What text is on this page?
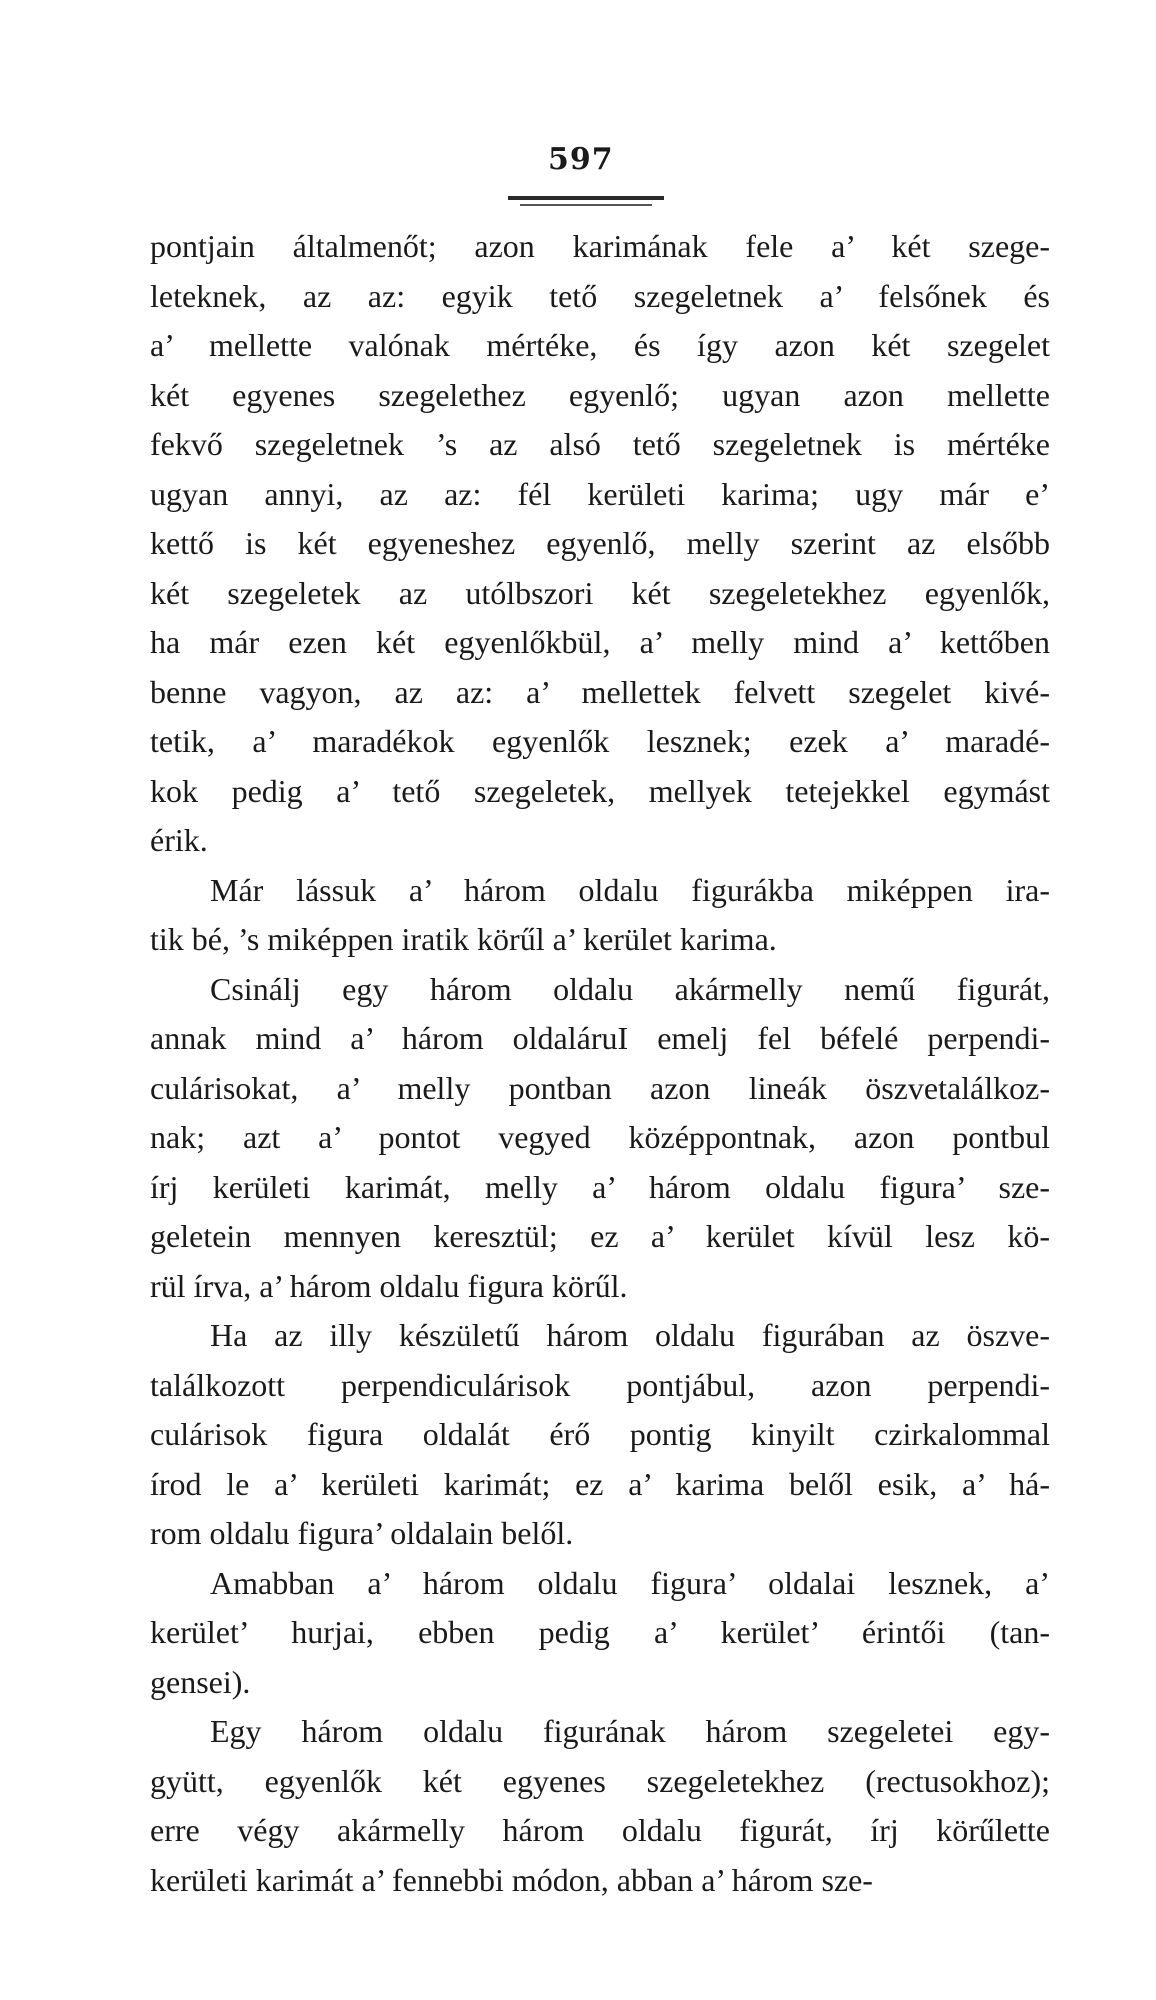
597
pontjain általmenőt; azon karimának fele a’ két szege-
leteknek, az az: egyik tető szegeletnek a’ felsőnek és
a’ mellette valónak mértéke, és így azon két szegelet
két egyenes szegelethez egyenlő; ugyan azon mellette
fekvő szegeletnek ’s az alsó tető szegeletnek is mértéke
ugyan annyi, az az: fél kerületi karima; ugy már e’
kettő is két egyeneshez egyenlő, melly szerint az elsőbb
két szegeletek az utólbszori két szegeletekhez egyenlők,
ha már ezen két egyenlőkbül, a’ melly mind a’ kettőben
benne vagyon, az az: a’ mellettek felvett szegelet kivé-
tetik, a’ maradékok egyenlők lesznek; ezek a’ maradé-
kok pedig a’ tető szegeletek, mellyek tetejekkel egymást
érik.
Már lássuk a’ három oldalu figurákba miképpen ira-
tik bé, ’s miképpen iratik körűl a’ kerület karima.
Csinálj egy három oldalu akármelly nemű figurát,
annak mind a’ három oldaláruI emelj fel béfelé perpendi-
culárisokat, a’ melly pontban azon lineák öszvetalálkoz-
nak; azt a’ pontot vegyed középpontnak, azon pontbul
írj kerületi karimát, melly a’ három oldalu figura’ sze-
geletein mennyen keresztül; ez a’ kerület kívül lesz kö-
rül írva, a’ három oldalu figura körűl.
Ha az illy készületű három oldalu figurában az öszve-
találkozott perpendiculárisok pontjábul, azon perpendi-
culárisok figura oldalát érő pontig kinyilt czirkalommal
írod le a’ kerületi karimát; ez a’ karima belől esik, a’ há-
rom oldalu figura’ oldalain belől.
Amabban a’ három oldalu figura’ oldalai lesznek, a’
kerület’ hurjai, ebben pedig a’ kerület’ érintői (tan-
gensei).
Egy három oldalu figurának három szegeletei egy-
gyütt, egyenlők két egyenes szegeletekhez (rectusokhoz);
erre végy akármelly három oldalu figurát, írj körűlette
kerületi karimát a’ fennebbi módon, abban a’ három sze-
